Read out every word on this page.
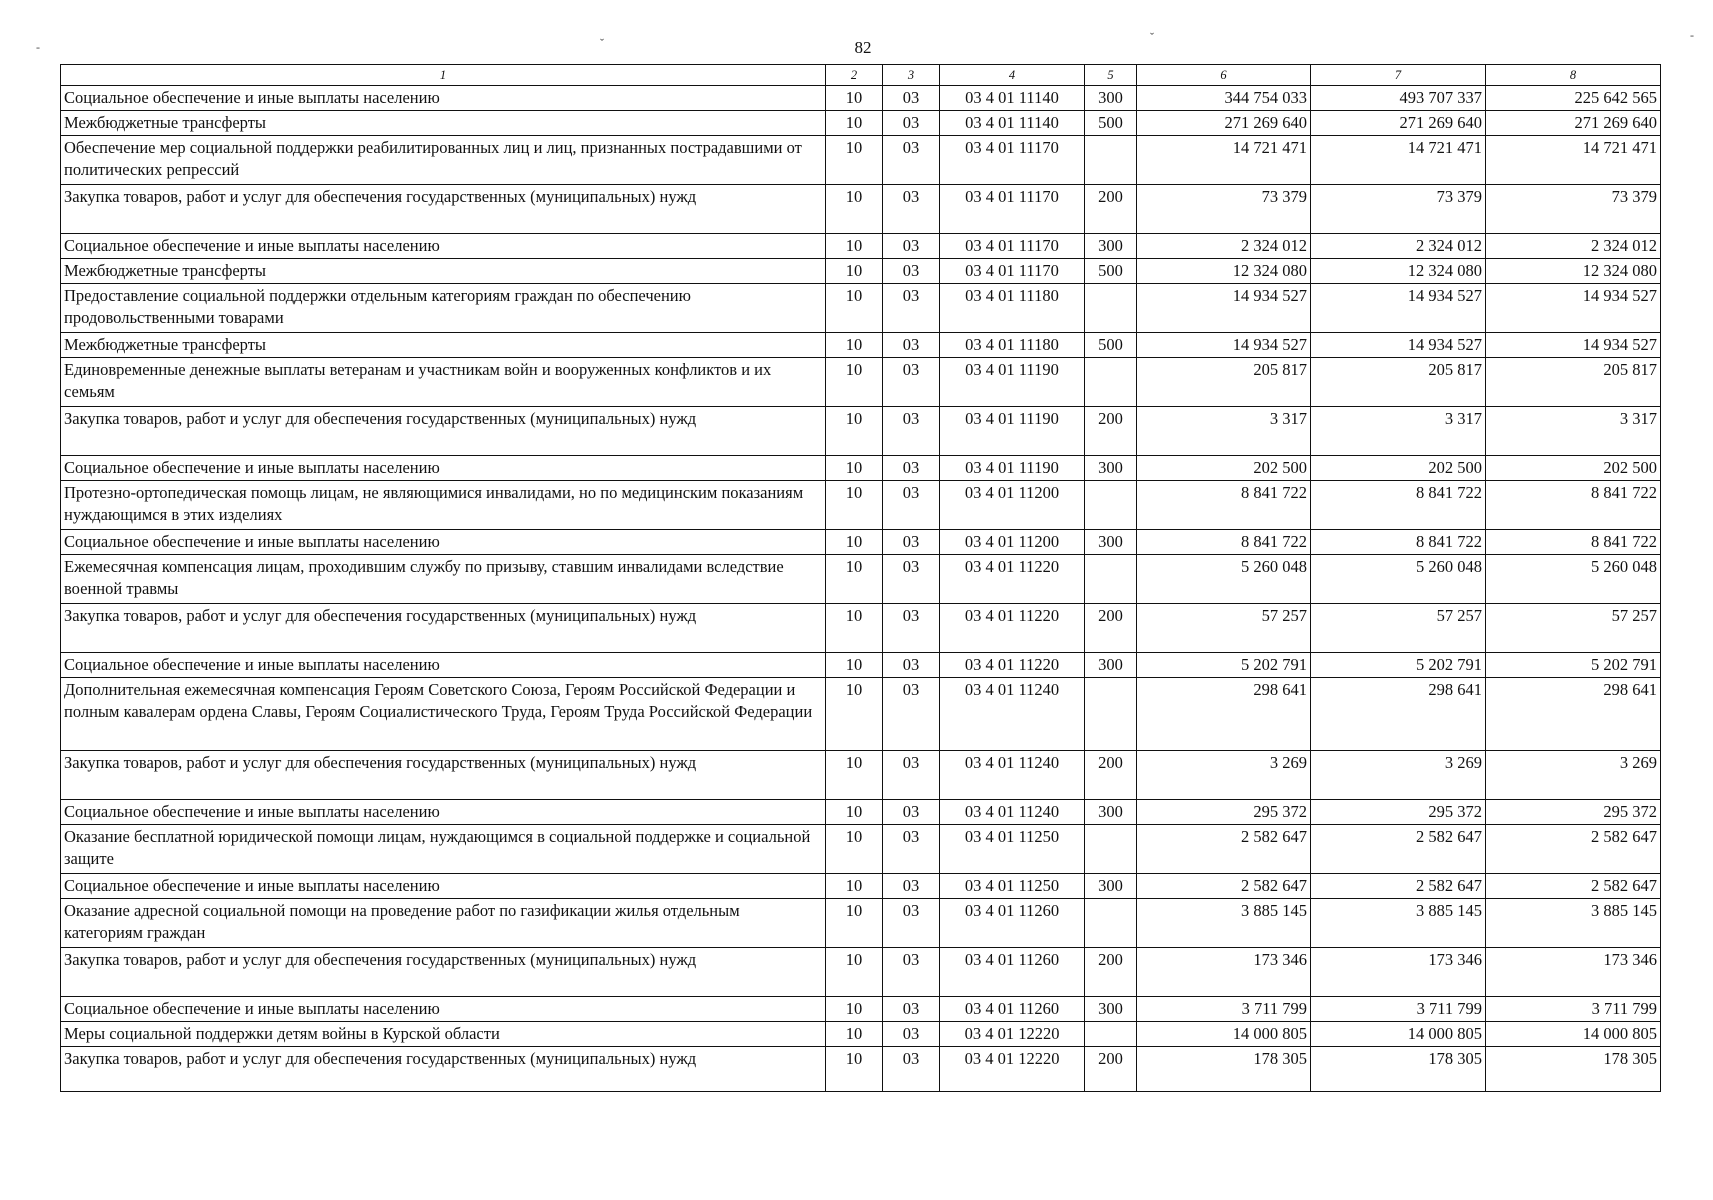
82
‐	ˇ	ˇ	‐
1	2	3	4	5	6	7	8
Социальное обеспечение и иные выплаты населению	10	03	03 4 01 11140	300	344 754 033	493 707 337	225 642 565
Межбюджетные трансферты	10	03	03 4 01 11140	500	271 269 640	271 269 640	271 269 640
Обеспечение мер социальной поддержки реабилитированных лиц и лиц, признанных пострадавшими от политических репрессий	10	03	03 4 01 11170		14 721 471	14 721 471	14 721 471
Закупка товаров, работ и услуг для обеспечения государственных (муниципальных) нужд	10	03	03 4 01 11170	200	73 379	73 379	73 379
Социальное обеспечение и иные выплаты населению	10	03	03 4 01 11170	300	2 324 012	2 324 012	2 324 012
Межбюджетные трансферты	10	03	03 4 01 11170	500	12 324 080	12 324 080	12 324 080
Предоставление социальной поддержки отдельным категориям граждан по обеспечению продовольственными товарами	10	03	03 4 01 11180		14 934 527	14 934 527	14 934 527
Межбюджетные трансферты	10	03	03 4 01 11180	500	14 934 527	14 934 527	14 934 527
Единовременные денежные выплаты ветеранам и участникам войн и вооруженных конфликтов и их семьям	10	03	03 4 01 11190		205 817	205 817	205 817
Закупка товаров, работ и услуг для обеспечения государственных (муниципальных) нужд	10	03	03 4 01 11190	200	3 317	3 317	3 317
Социальное обеспечение и иные выплаты населению	10	03	03 4 01 11190	300	202 500	202 500	202 500
Протезно-ортопедическая помощь лицам, не являющимися инвалидами, но по медицинским показаниям нуждающимся в этих изделиях	10	03	03 4 01 11200		8 841 722	8 841 722	8 841 722
Социальное обеспечение и иные выплаты населению	10	03	03 4 01 11200	300	8 841 722	8 841 722	8 841 722
Ежемесячная компенсация лицам, проходившим службу по призыву, ставшим инвалидами вследствие военной травмы	10	03	03 4 01 11220		5 260 048	5 260 048	5 260 048
Закупка товаров, работ и услуг для обеспечения государственных (муниципальных) нужд	10	03	03 4 01 11220	200	57 257	57 257	57 257
Социальное обеспечение и иные выплаты населению	10	03	03 4 01 11220	300	5 202 791	5 202 791	5 202 791
Дополнительная ежемесячная компенсация Героям Советского Союза, Героям Российской Федерации и полным кавалерам ордена Славы, Героям Социалистического Труда, Героям Труда Российской Федерации	10	03	03 4 01 11240		298 641	298 641	298 641
Закупка товаров, работ и услуг для обеспечения государственных (муниципальных) нужд	10	03	03 4 01 11240	200	3 269	3 269	3 269
Социальное обеспечение и иные выплаты населению	10	03	03 4 01 11240	300	295 372	295 372	295 372
Оказание бесплатной юридической помощи лицам, нуждающимся в социальной поддержке и социальной защите	10	03	03 4 01 11250		2 582 647	2 582 647	2 582 647
Социальное обеспечение и иные выплаты населению	10	03	03 4 01 11250	300	2 582 647	2 582 647	2 582 647
Оказание адресной социальной помощи на проведение работ по газификации жилья отдельным категориям граждан	10	03	03 4 01 11260		3 885 145	3 885 145	3 885 145
Закупка товаров, работ и услуг для обеспечения государственных (муниципальных) нужд	10	03	03 4 01 11260	200	173 346	173 346	173 346
Социальное обеспечение и иные выплаты населению	10	03	03 4 01 11260	300	3 711 799	3 711 799	3 711 799
Меры социальной поддержки детям войны в Курской области	10	03	03 4 01 12220		14 000 805	14 000 805	14 000 805
Закупка товаров, работ и услуг для обеспечения государственных (муниципальных) нужд	10	03	03 4 01 12220	200	178 305	178 305	178 305
